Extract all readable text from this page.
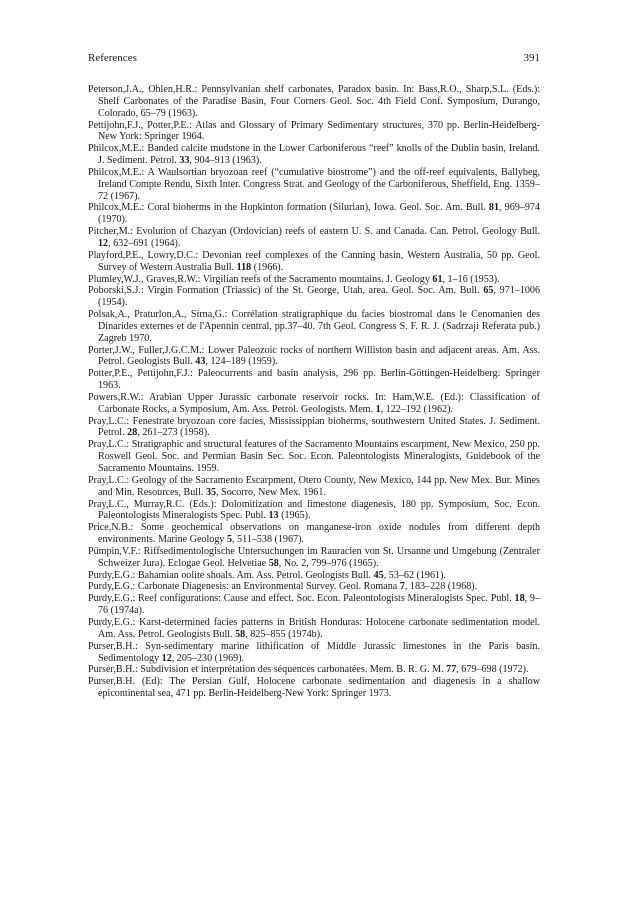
References	391
Peterson,J.A., Ohlen,H.R.: Pennsylvanian shelf carbonates, Paradox basin. In: Bass,R.O., Sharp,S.L. (Eds.): Shelf Carbonates of the Paradise Basin, Four Corners Geol. Soc. 4th Field Conf. Symposium, Durango, Colorado, 65–79 (1963).
Pettijohn,F.J., Potter,P.E.: Atlas and Glossary of Primary Sedimentary structures, 370 pp. Berlin-Heidelberg-New York: Springer 1964.
Philcox,M.E.: Banded calcite mudstone in the Lower Carboniferous “reef” knolls of the Dublin basin, Ireland. J. Sediment. Petrol. 33, 904–913 (1963).
Philcox,M.E.: A Waulsortian bryozoan reef (“cumulative biostrome”) and the off-reef equivalents, Ballybeg, Ireland Compte Rendu, Sixth Inter. Congress Strat. and Geology of the Carboniferous, Sheffield, Eng. 1359–72 (1967).
Philcox,M.E.: Coral bioherms in the Hopkinton formation (Silurian), Iowa. Geol. Soc. Am. Bull. 81, 969–974 (1970).
Pitcher,M.: Evolution of Chazyan (Ordovician) reefs of eastern U. S. and Canada. Can. Petrol. Geology Bull. 12, 632–691 (1964).
Playford,P.E., Lowry,D.C.: Devonian reef complexes of the Canning basin, Western Australia, 50 pp. Geol. Survey of Western Australia Bull. 118 (1966).
Plumley,W.J., Graves,R.W.: Virgilian reefs of the Sacramento mountains. J. Geology 61, 1–16 (1953).
Poborski,S.J.: Virgin Formation (Triassic) of the St. George, Utah, area. Geol. Soc. Am. Bull. 65, 971–1006 (1954).
Polsak,A., Praturlon,A., Sirna,G.: Corrélation stratigraphique du facies biostromal dans le Cenomanien des Dinarides externes et de l'Apennin central, pp.37–40. 7th Geol. Congress S. F. R. J. (Sadrzaji Referata pub.) Zagreb 1970.
Porter,J.W., Fuller,J.G.C.M.: Lower Paleozoic rocks of northern Williston basin and adjacent areas. Am. Ass. Petrol. Geologists Bull. 43, 124–189 (1959).
Potter,P.E., Pettijohn,F.J.: Paleocurrents and basin analysis, 296 pp. Berlin-Göttingen-Heidelberg: Springer 1963.
Powers,R.W.: Arabian Upper Jurassic carbonate reservoir rocks. In: Ham,W.E. (Ed.): Classification of Carbonate Rocks, a Symposium, Am. Ass. Petrol. Geologists. Mem. 1, 122–192 (1962).
Pray,L.C.: Fenestrate bryozoan core facies, Mississippian bioherms, southwestern United States. J. Sediment. Petrol. 28, 261–273 (1958).
Pray,L.C.: Stratigraphic and structural features of the Sacramento Mountains escarpment, New Mexico, 250 pp. Roswell Geol. Soc. and Permian Basin Sec. Soc. Econ. Paleontologists Mineralogists, Guidebook of the Sacramento Mountains. 1959.
Pray,L.C.: Geology of the Sacramento Escarpment, Otero County, New Mexico, 144 pp. New Mex. Bur. Mines and Min. Resources, Bull. 35, Socorro, New Mex. 1961.
Pray,L.C., Murray,R.C. (Eds.): Dolomitization and limestone diagenesis, 180 pp. Symposium, Soc. Econ. Paleontologists Mineralogists Spec. Publ. 13 (1965).
Price,N.B.: Some geochemical observations on manganese-iron oxide nodules from different depth environments. Marine Geology 5, 511–538 (1967).
Pümpin,V.F.: Riffsedimentologische Untersuchungen im Rauracien von St. Ursanne und Umgebung (Zentraler Schweizer Jura). Eclogae Geol. Helvetiae 58, No. 2, 799–976 (1965).
Purdy,E.G.: Bahamian oolite shoals. Am. Ass. Petrol. Geologists Bull. 45, 53–62 (1961).
Purdy,E.G.: Carbonate Diagenesis: an Environmental Survey. Geol. Romana 7, 183–228 (1968).
Purdy,E.G.: Reef configurations: Cause and effect. Soc. Econ. Paleontologists Mineralogists Spec. Publ. 18, 9–76 (1974a).
Purdy,E.G.: Karst-determined facies patterns in British Honduras: Holocene carbonate sedimentation model. Am. Ass. Petrol. Geologists Bull. 58, 825–855 (1974b).
Purser,B.H.: Syn-sedimentary marine lithification of Middle Jurassic limestones in the Paris basin. Sedimentology 12, 205–230 (1969).
Purser,B.H.: Subdivision et interprétation des séquences carbonatées. Mem. B. R. G. M. 77, 679–698 (1972).
Purser,B.H. (Ed): The Persian Gulf, Holocene carbonate sedimentation and diagenesis in a shallow epicontinental sea, 471 pp. Berlin-Heidelberg-New York: Springer 1973.
